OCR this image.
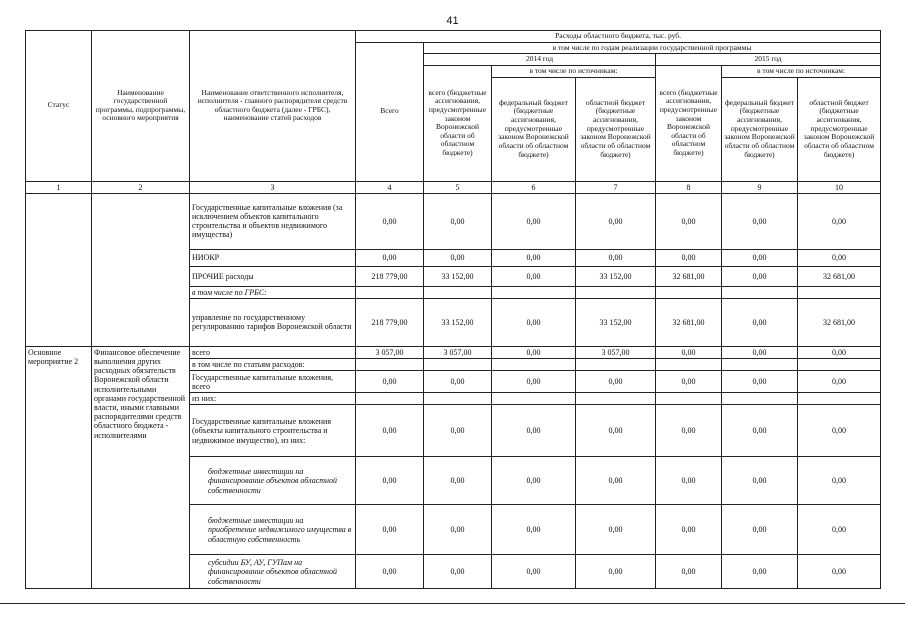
41
Статус	Наименование государственной программы, подпрограммы, основного мероприятия	Наименование ответственного исполнителя, исполнителя - главного распорядителя средств областного бюджета (далее - ГРБС), наименование статей расходов	Расходы областного бюджета, тыс. руб.						
			Всего	в том числе по годам реализации государственной программы					
				2014 год			2015 год		
				всего (бюджетные ассигнования, предусмотренные законом Воронежской области об областном бюджете)	в том числе по источникам:		всего (бюджетные ассигнования, предусмотренные законом Воронежской области об областном бюджете)	в том числе по источникам:	
					федеральный бюджет (бюджетные ассигнования, предусмотренные законом Воронежской области об областном бюджете)	областной бюджет (бюджетные ассигнования, предусмотренные законом Воронежской области об областном бюджете)		федеральный бюджет (бюджетные ассигнования, предусмотренные законом Воронежской области об областном бюджете)	областной бюджет (бюджетные ассигнования, предусмотренные законом Воронежской области об областном бюджете)
1	2	3	4	5	6	7	8	9	10
		Государственные капитальные вложения (за исключением объектов капитального строительства и объектов недвижимого имущества)	0,00	0,00	0,00	0,00	0,00	0,00	0,00
		НИОКР	0,00	0,00	0,00	0,00	0,00	0,00	0,00
		ПРОЧИЕ расходы	218 779,00	33 152,00	0,00	33 152,00	32 681,00	0,00	32 681,00
		в том числе по ГРБС:							
		управление по государственному регулированию тарифов Воронежской области	218 779,00	33 152,00	0,00	33 152,00	32 681,00	0,00	32 681,00
Основное мероприятие 2	Финансовое обеспечение выполнения других расходных обязательств Воронежской области исполнительными органами государственной власти, иными главными распорядителями средств областного бюджета - исполнителями	всего	3 057,00	3 057,00	0,00	3 057,00	0,00	0,00	0,00
		в том числе по статьям расходов:							
		Государственные капитальные вложения, всего	0,00	0,00	0,00	0,00	0,00	0,00	0,00
		из них:							
		Государственные капитальные вложения (объекты капитального строительства и недвижимое имущество), из них:	0,00	0,00	0,00	0,00	0,00	0,00	0,00
		бюджетные инвестиции на финансирование объектов областной собственности	0,00	0,00	0,00	0,00	0,00	0,00	0,00
		бюджетные инвестиции на приобретение недвижимого имущества в областную собственность	0,00	0,00	0,00	0,00	0,00	0,00	0,00
		субсидии БУ, АУ, ГУПам на финансирование объектов областной собственности	0,00	0,00	0,00	0,00	0,00	0,00	0,00
